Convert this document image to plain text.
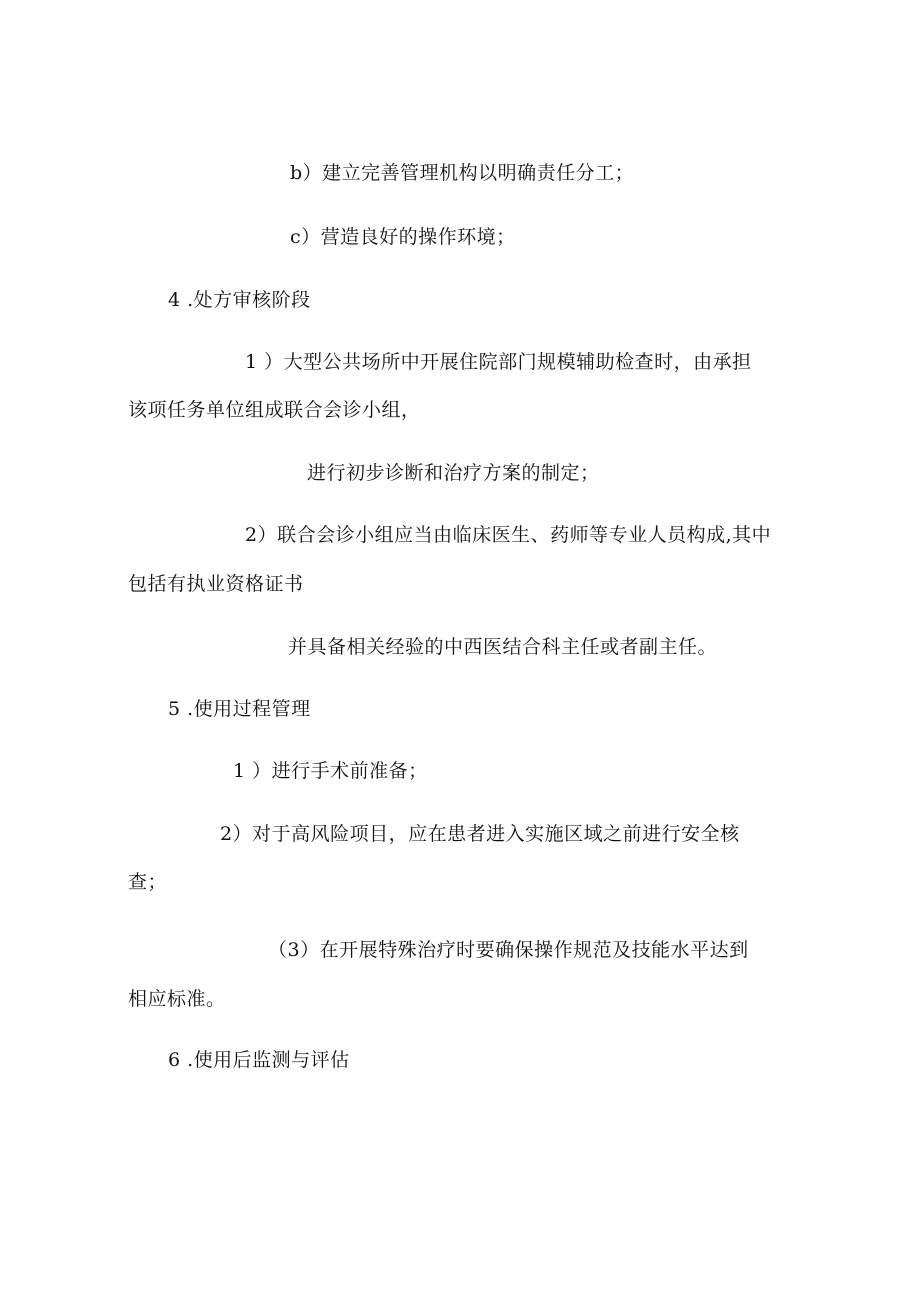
b）建立完善管理机构以明确责任分工；
c）营造良好的操作环境；
4 .处方审核阶段
1 ）大型公共场所中开展住院部门规模辅助检查时，由承担
该项任务单位组成联合会诊小组，
进行初步诊断和治疗方案的制定；
2）联合会诊小组应当由临床医生、药师等专业人员构成,其中
包括有执业资格证书
并具备相关经验的中西医结合科主任或者副主任。
5 .使用过程管理
1 ）进行手术前准备；
2）对于高风险项目，应在患者进入实施区域之前进行安全核
查；
（3）在开展特殊治疗时要确保操作规范及技能水平达到
相应标准。
6 .使用后监测与评估
